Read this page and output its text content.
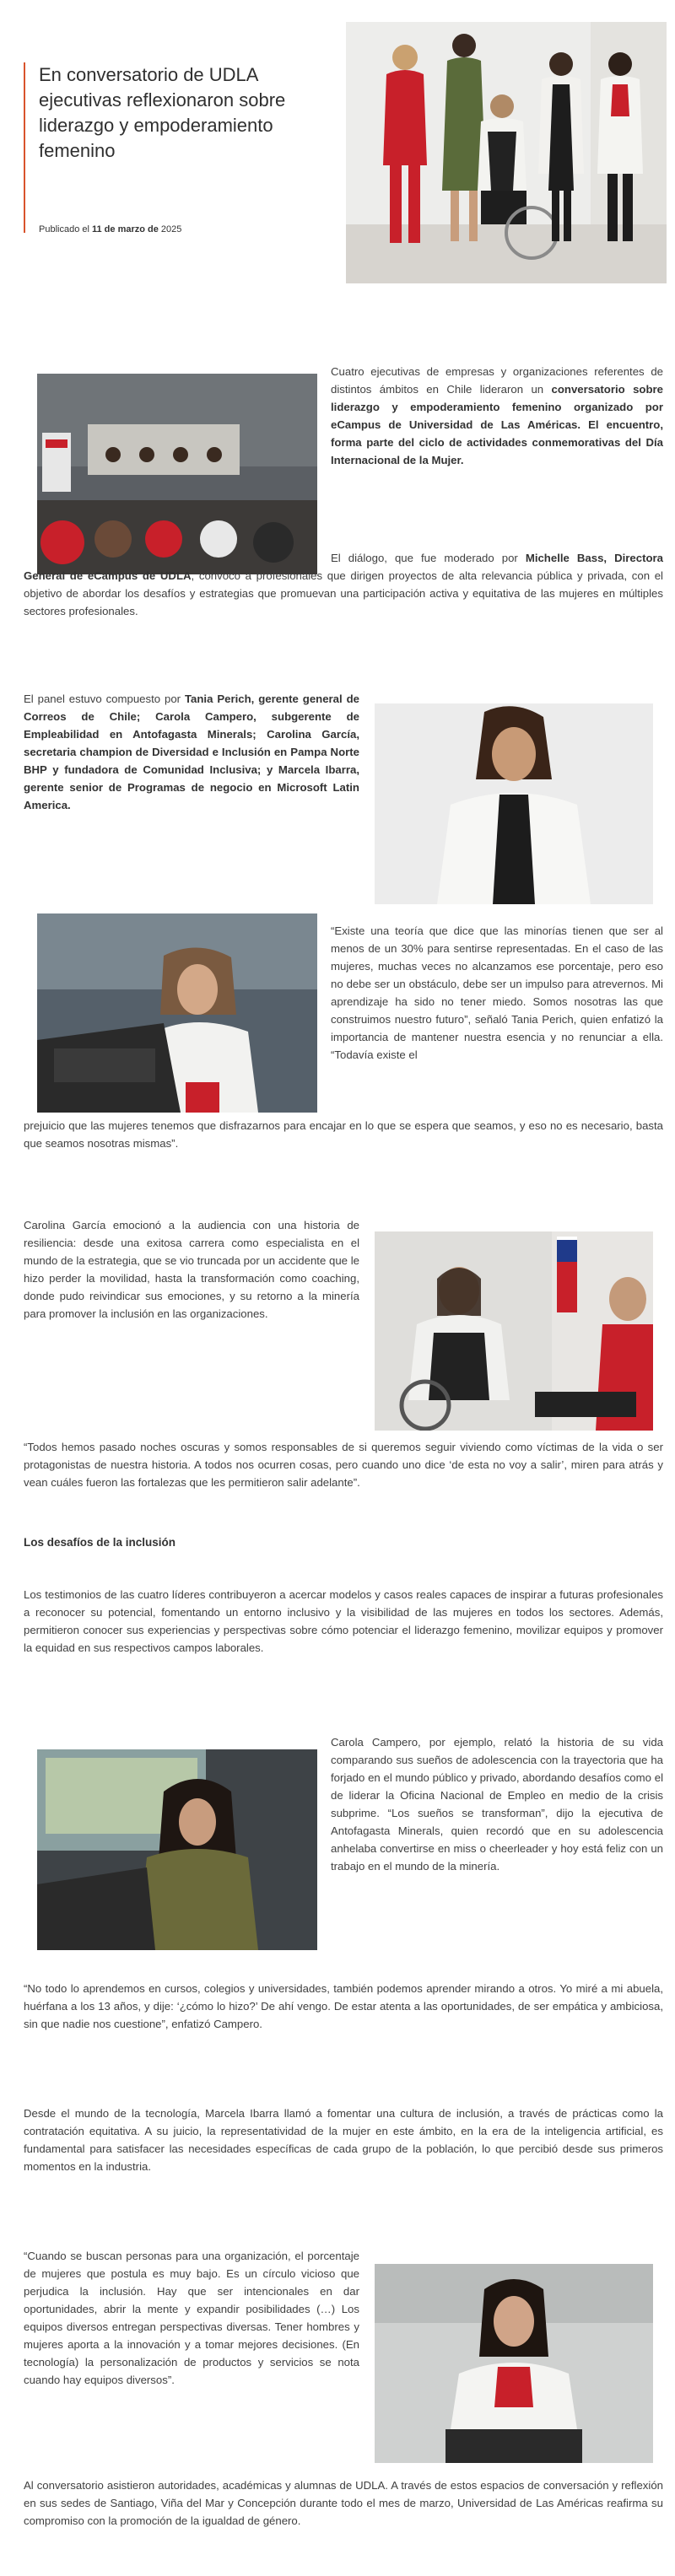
En conversatorio de UDLA ejecutivas reflexionaron sobre liderazgo y empoderamiento femenino
Publicado el 11 de marzo de 2025

Cuatro ejecutivas de empresas y organizaciones referentes de distintos ámbitos en Chile lideraron un conversatorio sobre liderazgo y empoderamiento femenino organizado por eCampus de Universidad de Las Américas. El encuentro, forma parte del ciclo de actividades conmemorativas del Día Internacional de la Mujer.

El diálogo, que fue moderado por Michelle Bass, Directora General de eCampus de UDLA, convocó a profesionales que dirigen proyectos de alta relevancia pública y privada, con el objetivo de abordar los desafíos y estrategias que promuevan una participación activa y equitativa de las mujeres en múltiples sectores profesionales.

El panel estuvo compuesto por Tania Perich, gerente general de Correos de Chile; Carola Campero, subgerente de Empleabilidad en Antofagasta Minerals; Carolina García, secretaria champion de Diversidad e Inclusión en Pampa Norte BHP y fundadora de Comunidad Inclusiva; y Marcela Ibarra, gerente senior de Programas de negocio en Microsoft Latin America.

“Existe una teoría que dice que las minorías tienen que ser al menos de un 30% para sentirse representadas. En el caso de las mujeres, muchas veces no alcanzamos ese porcentaje, pero eso no debe ser un obstáculo, debe ser un impulso para atrevernos. Mi aprendizaje ha sido no tener miedo. Somos nosotras las que construimos nuestro futuro”, señaló Tania Perich, quien enfatizó la importancia de mantener nuestra esencia y no renunciar a ella. “Todavía existe el

prejuicio que las mujeres tenemos que disfrazarnos para encajar en lo que se espera que seamos, y eso no es necesario, basta que seamos nosotras mismas”.

Carolina García emocionó a la audiencia con una historia de resiliencia: desde una exitosa carrera como especialista en el mundo de la estrategia, que se vio truncada por un accidente que le hizo perder la movilidad, hasta la transformación como coaching, donde pudo reivindicar sus emociones, y su retorno a la minería para promover la inclusión en las organizaciones.

“Todos hemos pasado noches oscuras y somos responsables de si queremos seguir viviendo como víctimas de la vida o ser protagonistas de nuestra historia. A todos nos ocurren cosas, pero cuando uno dice ‘de esta no voy a salir’, miren para atrás y vean cuáles fueron las fortalezas que les permitieron salir adelante”.

Los desafíos de la inclusión

Los testimonios de las cuatro líderes contribuyeron a acercar modelos y casos reales capaces de inspirar a futuras profesionales a reconocer su potencial, fomentando un entorno inclusivo y la visibilidad de las mujeres en todos los sectores. Además, permitieron conocer sus experiencias y perspectivas sobre cómo potenciar el liderazgo femenino, movilizar equipos y promover la equidad en sus respectivos campos laborales.

Carola Campero, por ejemplo, relató la historia de su vida comparando sus sueños de adolescencia con la trayectoria que ha forjado en el mundo público y privado, abordando desafíos como el de liderar la Oficina Nacional de Empleo en medio de la crisis subprime. “Los sueños se transforman”, dijo la ejecutiva de Antofagasta Minerals, quien recordó que en su adolescencia anhelaba convertirse en miss o cheerleader y hoy está feliz con un trabajo en el mundo de la minería.

“No todo lo aprendemos en cursos, colegios y universidades, también podemos aprender mirando a otros. Yo miré a mi abuela, huérfana a los 13 años, y dije: ‘¿cómo lo hizo?’ De ahí vengo. De estar atenta a las oportunidades, de ser empática y ambiciosa, sin que nadie nos cuestione”, enfatizó Campero.

Desde el mundo de la tecnología, Marcela Ibarra llamó a fomentar una cultura de inclusión, a través de prácticas como la contratación equitativa. A su juicio, la representatividad de la mujer en este ámbito, en la era de la inteligencia artificial, es fundamental para satisfacer las necesidades específicas de cada grupo de la población, lo que percibió desde sus primeros momentos en la industria.

“Cuando se buscan personas para una organización, el porcentaje de mujeres que postula es muy bajo. Es un círculo vicioso que perjudica la inclusión. Hay que ser intencionales en dar oportunidades, abrir la mente y expandir posibilidades (…) Los equipos diversos entregan perspectivas diversas. Tener hombres y mujeres aporta a la innovación y a tomar mejores decisiones. (En tecnología) la personalización de productos y servicios se nota cuando hay equipos diversos”.

Al conversatorio asistieron autoridades, académicas y alumnas de UDLA. A través de estos espacios de conversación y reflexión en sus sedes de Santiago, Viña del Mar y Concepción durante todo el mes de marzo, Universidad de Las Américas reafirma su compromiso con la promoción de la igualdad de género.
